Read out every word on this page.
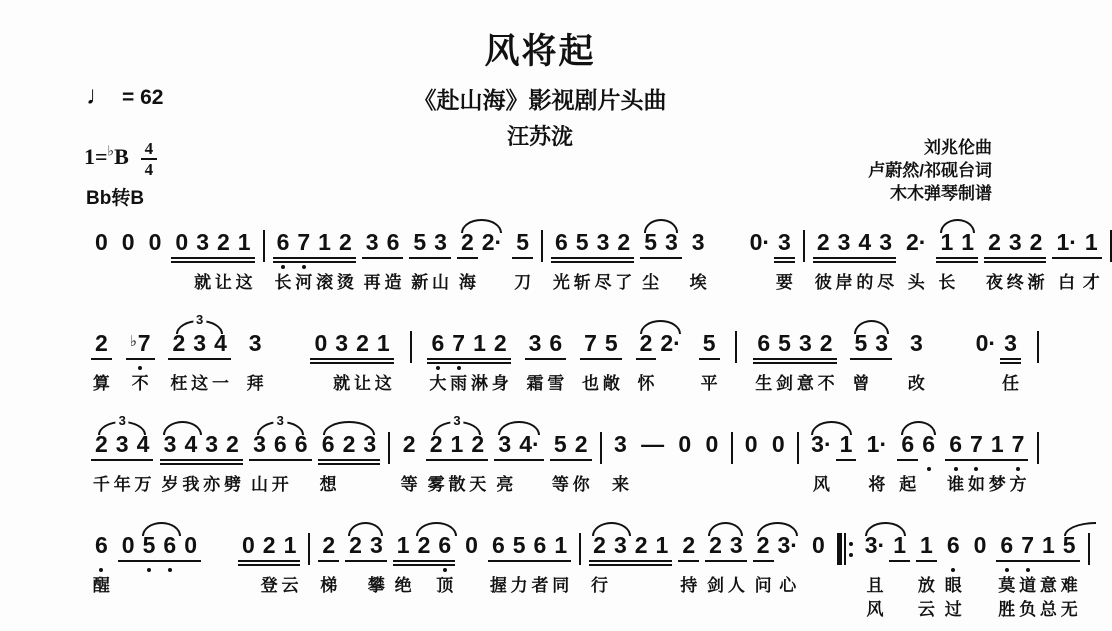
风将起
《赴山海》影视剧片头曲
汪苏泷
♩ = 62
$1=^♭B \frac{4}{4}$
Bb转B
刘兆伦曲
卢蔚然/祁砚台词
木木弹琴制谱
0 0 0 0 3
就
2
让
1
这
6
长
7
河
1
滚
2
烫
3
再
6
造
5
新
3
山
2
海
2· 5
刀
6
光
5
斩
3
尽
2
了
5
尘
3 3
埃
0· 3
要
2
彼
3
岸
4
的
3
尽
2·
头
1
长
1 2
夜
3
终
2
渐
1·
白
1
才
2
算
♭ 7
不
2
枉
3
这
4
一
3
3
拜
0 3
就
2
让
1
这
6
大
7
雨
1
淋
2
身
3
霜
6
雪
7
也
5
敞
2
怀
2· 5
平
6
生
5
剑
3
意
2
不
5
曾
3 3
改
0· 3
任
2
千
3
年
4
万
3
3
岁
4
我
3
亦
2
劈
3
山
6
开
6
3
6
想
2 3 2
等
2
雾
1
散
2
天
3
3
亮
4· 5
等
2
你
3
来
— 0 0 0 0 3·
风
1 1·
将
6
起
6 6
谁
7
如
1
梦
7
方
6
醒
0 5 6 0 0 2
登
1
云
2
梯
2 3
攀
1
绝
2 6
顶
0 6
握
5
力
6
者
1
同
2
行
3 2 1 2
持
2
剑
3
人
2
问
3·
心
0 3·
且
风
1 1
放
云
6
眼
过
0 6
莫
胜
7
道
负
1
意
总
5
难
无
